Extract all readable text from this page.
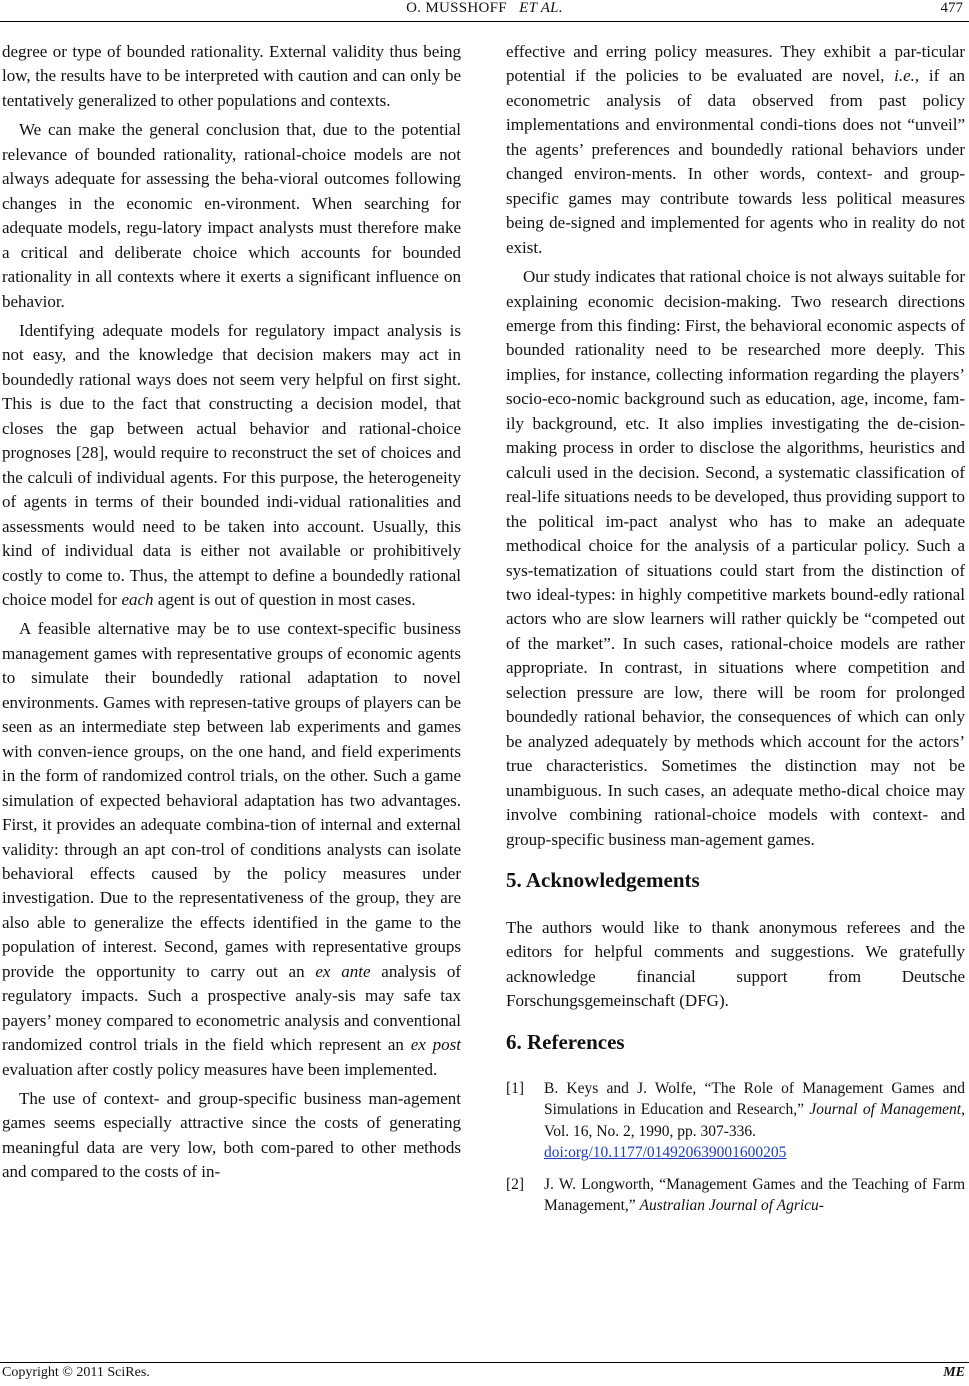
O. MUSSHOFF ET AL.	477

degree or type of bounded rationality. External validity thus being low, the results have to be interpreted with caution and can only be tentatively generalized to other populations and contexts.

We can make the general conclusion that, due to the potential relevance of bounded rationality, rational-choice models are not always adequate for assessing the beha-vioral outcomes following changes in the economic en-vironment. When searching for adequate models, regu-latory impact analysts must therefore make a critical and deliberate choice which accounts for bounded rationality in all contexts where it exerts a significant influence on behavior.

Identifying adequate models for regulatory impact analysis is not easy, and the knowledge that decision makers may act in boundedly rational ways does not seem very helpful on first sight. This is due to the fact that constructing a decision model, that closes the gap between actual behavior and rational-choice prognoses [28], would require to reconstruct the set of choices and the calculi of individual agents. For this purpose, the heterogeneity of agents in terms of their bounded indi-vidual rationalities and assessments would need to be taken into account. Usually, this kind of individual data is either not available or prohibitively costly to come to. Thus, the attempt to define a boundedly rational choice model for each agent is out of question in most cases.

A feasible alternative may be to use context-specific business management games with representative groups of economic agents to simulate their boundedly rational adaptation to novel environments. Games with represen-tative groups of players can be seen as an intermediate step between lab experiments and games with conven-ience groups, on the one hand, and field experiments in the form of randomized control trials, on the other. Such a game simulation of expected behavioral adaptation has two advantages. First, it provides an adequate combina-tion of internal and external validity: through an apt con-trol of conditions analysts can isolate behavioral effects caused by the policy measures under investigation. Due to the representativeness of the group, they are also able to generalize the effects identified in the game to the population of interest. Second, games with representative groups provide the opportunity to carry out an ex ante analysis of regulatory impacts. Such a prospective analy-sis may safe tax payers’ money compared to econometric analysis and conventional randomized control trials in the field which represent an ex post evaluation after costly policy measures have been implemented.

The use of context- and group-specific business man-agement games seems especially attractive since the costs of generating meaningful data are very low, both com-pared to other methods and compared to the costs of in-

effective and erring policy measures. They exhibit a par-ticular potential if the policies to be evaluated are novel, i.e., if an econometric analysis of data observed from past policy implementations and environmental condi-tions does not “unveil” the agents’ preferences and boundedly rational behaviors under changed environ-ments. In other words, context- and group-specific games may contribute towards less political measures being de-signed and implemented for agents who in reality do not exist.

Our study indicates that rational choice is not always suitable for explaining economic decision-making. Two research directions emerge from this finding: First, the behavioral economic aspects of bounded rationality need to be researched more deeply. This implies, for instance, collecting information regarding the players’ socio-eco-nomic background such as education, age, income, fam-ily background, etc. It also implies investigating the de-cision-making process in order to disclose the algorithms, heuristics and calculi used in the decision. Second, a systematic classification of real-life situations needs to be developed, thus providing support to the political im-pact analyst who has to make an adequate methodical choice for the analysis of a particular policy. Such a sys-tematization of situations could start from the distinction of two ideal-types: in highly competitive markets bound-edly rational actors who are slow learners will rather quickly be “competed out of the market”. In such cases, rational-choice models are rather appropriate. In contrast, in situations where competition and selection pressure are low, there will be room for prolonged boundedly rational behavior, the consequences of which can only be analyzed adequately by methods which account for the actors’ true characteristics. Sometimes the distinction may not be unambiguous. In such cases, an adequate metho-dical choice may involve combining rational-choice models with context- and group-specific business man-agement games.

5. Acknowledgements

The authors would like to thank anonymous referees and the editors for helpful comments and suggestions. We gratefully acknowledge financial support from Deutsche Forschungsgemeinschaft (DFG).

6. References
[1]	B. Keys and J. Wolfe, “The Role of Management Games and Simulations in Education and Research,” Journal of Management, Vol. 16, No. 2, 1990, pp. 307-336.
doi:org/10.1177/014920639001600205
[2]	J. W. Longworth, “Management Games and the Teaching of Farm Management,” Australian Journal of Agricu-
Copyright © 2011 SciRes.	ME
